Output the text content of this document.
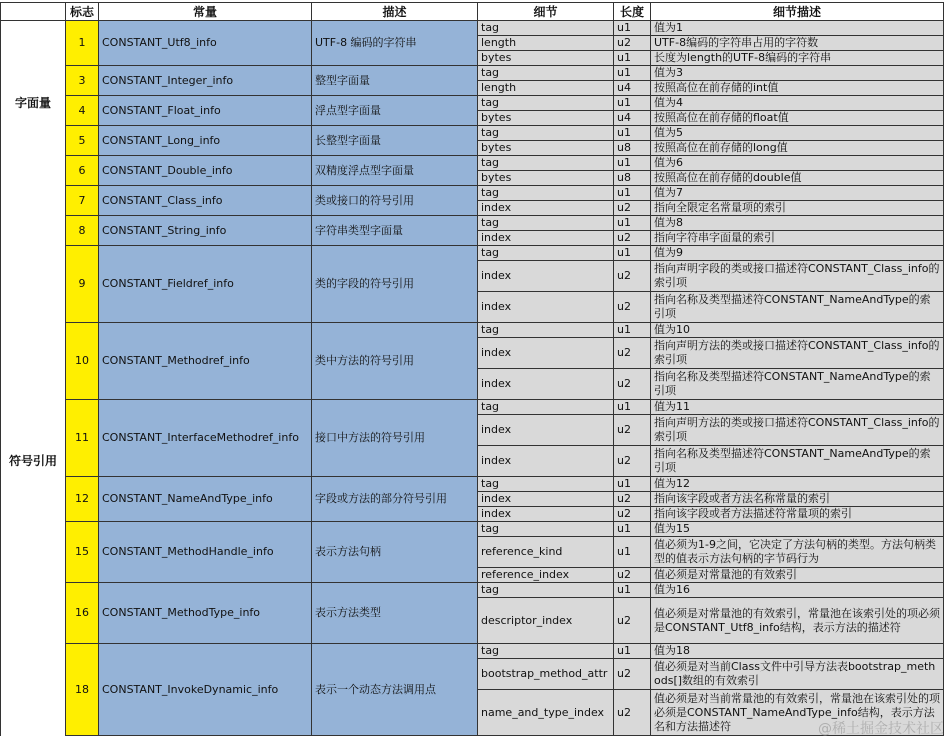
	标志	常量	描述	细节	长度	细节描述
字面量	1	CONSTANT_Utf8_info	UTF-8 编码的字符串	tag	u1	值为1
				length	u2	UTF-8编码的字符串占用的字符数
				bytes	u1	长度为length的UTF-8编码的字符串
	3	CONSTANT_Integer_info	整型字面量	tag	u1	值为3
				length	u4	按照高位在前存储的int值
	4	CONSTANT_Float_info	浮点型字面量	tag	u1	值为4
				bytes	u4	按照高位在前存储的float值
	5	CONSTANT_Long_info	长整型字面量	tag	u1	值为5
				bytes	u8	按照高位在前存储的long值
	6	CONSTANT_Double_info	双精度浮点型字面量	tag	u1	值为6
				bytes	u8	按照高位在前存储的double值
符号引用	7	CONSTANT_Class_info	类或接口的符号引用	tag	u1	值为7
				index	u2	指向全限定名常量项的索引
	8	CONSTANT_String_info	字符串类型字面量	tag	u1	值为8
				index	u2	指向字符串字面量的索引
	9	CONSTANT_Fieldref_info	类的字段的符号引用	tag	u1	值为9
				index	u2	指向声明字段的类或接口描述符CONSTANT_Class_info的索引项
				index	u2	指向名称及类型描述符CONSTANT_NameAndType的索引项
	10	CONSTANT_Methodref_info	类中方法的符号引用	tag	u1	值为10
				index	u2	指向声明方法的类或接口描述符CONSTANT_Class_info的索引项
				index	u2	指向名称及类型描述符CONSTANT_NameAndType的索引项
	11	CONSTANT_InterfaceMethodref_info	接口中方法的符号引用	tag	u1	值为11
				index	u2	指向声明方法的类或接口描述符CONSTANT_Class_info的索引项
				index	u2	指向名称及类型描述符CONSTANT_NameAndType的索引项
	12	CONSTANT_NameAndType_info	字段或方法的部分符号引用	tag	u1	值为12
				index	u2	指向该字段或者方法名称常量的索引
				index	u2	指向该字段或者方法描述符常量项的索引
	15	CONSTANT_MethodHandle_info	表示方法句柄	tag	u1	值为15
				reference_kind	u1	值必须为1-9之间，它决定了方法句柄的类型。方法句柄类型的值表示方法句柄的字节码行为
				reference_index	u2	值必须是对常量池的有效索引
	16	CONSTANT_MethodType_info	表示方法类型	tag	u1	值为16
				descriptor_index	u2	值必须是对常量池的有效索引，常量池在该索引处的项必须是CONSTANT_Utf8_info结构，表示方法的描述符
	18	CONSTANT_InvokeDynamic_info	表示一个动态方法调用点	tag	u1	值为18
				bootstrap_method_attr	u2	值必须是对当前Class文件中引导方法表bootstrap_methods[]数组的有效索引
				name_and_type_index	u2	值必须是对当前常量池的有效索引，常量池在该索引处的项必须是CONSTANT_NameAndType_info结构，表示方法名和方法描述符	@稀土掘金技术社区
